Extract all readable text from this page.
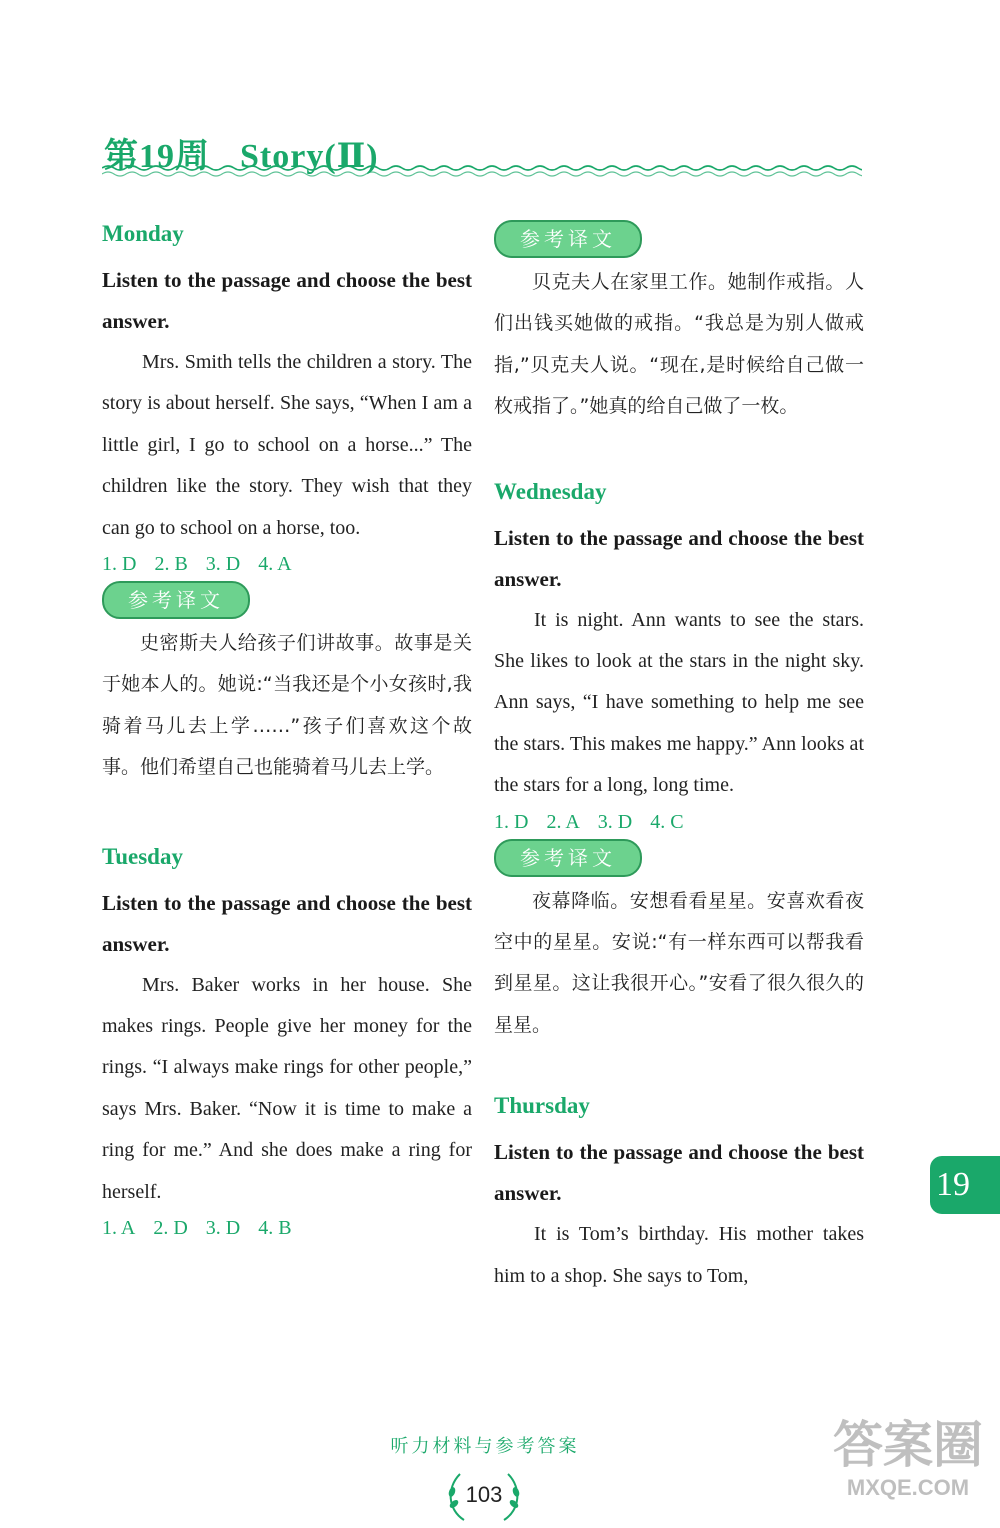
第19周 Story(Ⅱ)
Monday

Listen to the passage and choose the best answer.

Mrs. Smith tells the children a story. The story is about herself. She says, “When I am a little girl, I go to school on a horse...” The children like the story. They wish that they can go to school on a horse, too.

1. D 2. B 3. D 4. A

参考译文

史密斯夫人给孩子们讲故事。故事是关于她本人的。她说:“当我还是个小女孩时,我骑着马儿去上学……”孩子们喜欢这个故事。他们希望自己也能骑着马儿去上学。

Tuesday

Listen to the passage and choose the best answer.

Mrs. Baker works in her house. She makes rings. People give her money for the rings. “I always make rings for other people,” says Mrs. Baker. “Now it is time to make a ring for me.” And she does make a ring for herself.

1. A 2. D 3. D 4. B

参考译文

贝克夫人在家里工作。她制作戒指。人们出钱买她做的戒指。“我总是为别人做戒指,”贝克夫人说。“现在,是时候给自己做一枚戒指了。”她真的给自己做了一枚。

Wednesday

Listen to the passage and choose the best answer.

It is night. Ann wants to see the stars. She likes to look at the stars in the night sky. Ann says, “I have something to help me see the stars. This makes me happy.” Ann looks at the stars for a long, long time.

1. D 2. A 3. D 4. C

参考译文

夜幕降临。安想看看星星。安喜欢看夜空中的星星。安说:“有一样东西可以帮我看到星星。这让我很开心。”安看了很久很久的星星。

Thursday

Listen to the passage and choose the best answer.

It is Tom’s birthday. His mother takes him to a shop. She says to Tom,

19
听力材料与参考答案
103
答案圈
MXQE.COM
